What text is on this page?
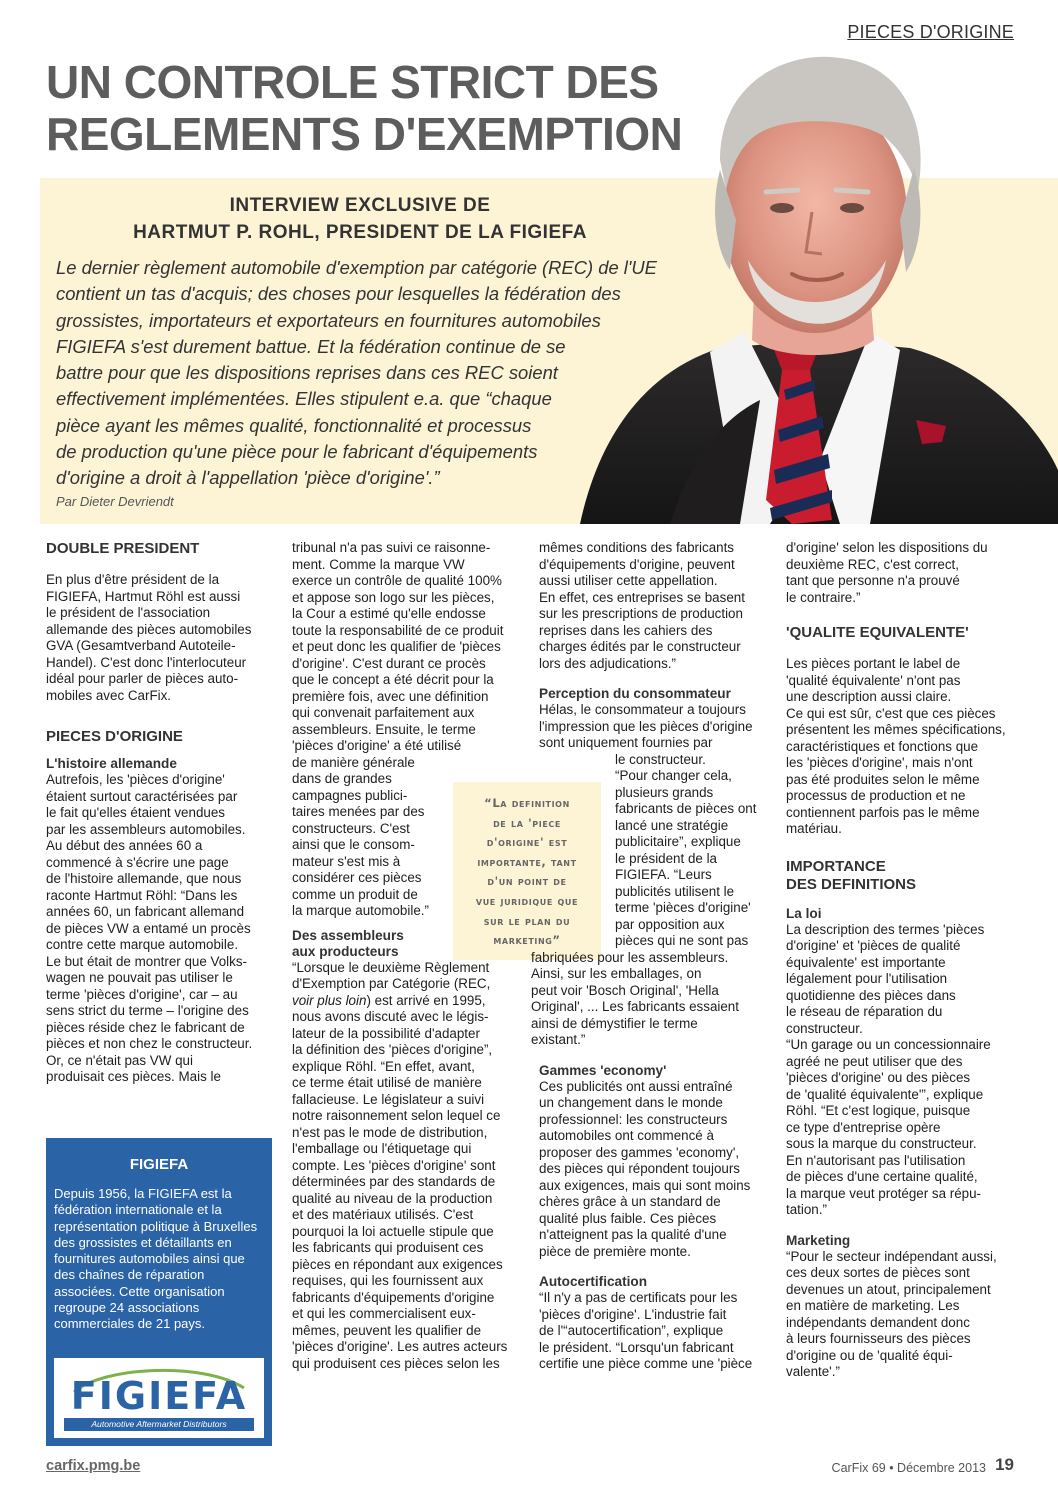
PIECES D'ORIGINE
UN CONTROLE STRICT DES
REGLEMENTS D'EXEMPTION
INTERVIEW EXCLUSIVE DE
HARTMUT P. ROHL, PRESIDENT DE LA FIGIEFA
Le dernier règlement automobile d'exemption par catégorie (REC) de l'UE
contient un tas d'acquis; des choses pour lesquelles la fédération des
grossistes, importateurs et exportateurs en fournitures automobiles
FIGIEFA s'est durement battue. Et la fédération continue de se
battre pour que les dispositions reprises dans ces REC soient
effectivement implémentées. Elles stipulent e.a. que “chaque
pièce ayant les mêmes qualité, fonctionnalité et processus
de production qu'une pièce pour le fabricant d'équipements
d'origine a droit à l'appellation 'pièce d'origine'.”
Par Dieter Devriendt
DOUBLE PRESIDENT
En plus d'être président de la
FIGIEFA, Hartmut Röhl est aussi
le président de l'association
allemande des pièces automobiles
GVA (Gesamtverband Autoteile-
Handel). C'est donc l'interlocuteur
idéal pour parler de pièces auto-
mobiles avec CarFix.
PIECES D'ORIGINE
L'histoire allemande
Autrefois, les 'pièces d'origine'
étaient surtout caractérisées par
le fait qu'elles étaient vendues
par les assembleurs automobiles.
Au début des années 60 a
commencé à s'écrire une page
de l'histoire allemande, que nous
raconte Hartmut Röhl: “Dans les
années 60, un fabricant allemand
de pièces VW a entamé un procès
contre cette marque automobile.
Le but était de montrer que Volks-
wagen ne pouvait pas utiliser le
terme 'pièces d'origine', car – au
sens strict du terme – l'origine des
pièces réside chez le fabricant de
pièces et non chez le constructeur.
Or, ce n'était pas VW qui
produisait ces pièces. Mais le
FIGIEFA
Depuis 1956, la FIGIEFA est la
fédération internationale et la
représentation politique à Bruxelles
des grossistes et détaillants en
fournitures automobiles ainsi que
des chaînes de réparation
associées. Cette organisation
regroupe 24 associations
commerciales de 21 pays.
FIGIEFA
Automotive Aftermarket Distributors
tribunal n'a pas suivi ce raisonne-
ment. Comme la marque VW
exerce un contrôle de qualité 100%
et appose son logo sur les pièces,
la Cour a estimé qu'elle endosse
toute la responsabilité de ce produit
et peut donc les qualifier de 'pièces
d'origine'. C'est durant ce procès
que le concept a été décrit pour la
première fois, avec une définition
qui convenait parfaitement aux
assembleurs. Ensuite, le terme
'pièces d'origine' a été utilisé
de manière générale
dans de grandes
campagnes publici-
taires menées par des
constructeurs. C'est
ainsi que le consom-
mateur s'est mis à
considérer ces pièces
comme un produit de
la marque automobile.”
Des assembleurs
aux producteurs
“Lorsque le deuxième Règlement
d'Exemption par Catégorie (REC,
voir plus loin) est arrivé en 1995,
nous avons discuté avec le légis-
lateur de la possibilité d'adapter
la définition des 'pièces d'origine”,
explique Röhl. “En effet, avant,
ce terme était utilisé de manière
fallacieuse. Le législateur a suivi
notre raisonnement selon lequel ce
n'est pas le mode de distribution,
l'emballage ou l'étiquetage qui
compte. Les 'pièces d'origine' sont
déterminées par des standards de
qualité au niveau de la production
et des matériaux utilisés. C'est
pourquoi la loi actuelle stipule que
les fabricants qui produisent ces
pièces en répondant aux exigences
requises, qui les fournissent aux
fabricants d'équipements d'origine
et qui les commercialisent eux-
mêmes, peuvent les qualifier de
'pièces d'origine'. Les autres acteurs
qui produisent ces pièces selon les
“La definition
de la 'piece
d'origine' est
importante, tant
d'un point de
vue juridique que
sur le plan du
marketing”
mêmes conditions des fabricants
d'équipements d'origine, peuvent
aussi utiliser cette appellation.
En effet, ces entreprises se basent
sur les prescriptions de production
reprises dans les cahiers des
charges édités par le constructeur
lors des adjudications.”
Perception du consommateur
Hélas, le consommateur a toujours
l'impression que les pièces d'origine
sont uniquement fournies par
le constructeur.
“Pour changer cela,
plusieurs grands
fabricants de pièces ont
lancé une stratégie
publicitaire”, explique
le président de la
FIGIEFA. “Leurs
publicités utilisent le
terme 'pièces d'origine'
par opposition aux
pièces qui ne sont pas
fabriquées pour les assembleurs.
Ainsi, sur les emballages, on
peut voir 'Bosch Original', 'Hella
Original', ... Les fabricants essaient
ainsi de démystifier le terme
existant.”
Gammes 'economy'
Ces publicités ont aussi entraîné
un changement dans le monde
professionnel: les constructeurs
automobiles ont commencé à
proposer des gammes 'economy',
des pièces qui répondent toujours
aux exigences, mais qui sont moins
chères grâce à un standard de
qualité plus faible. Ces pièces
n'atteignent pas la qualité d'une
pièce de première monte.
Autocertification
“Il n'y a pas de certificats pour les
'pièces d'origine'. L'industrie fait
de l'“autocertification”, explique
le président. “Lorsqu'un fabricant
certifie une pièce comme une 'pièce
d'origine' selon les dispositions du
deuxième REC, c'est correct,
tant que personne n'a prouvé
le contraire.”
'QUALITE EQUIVALENTE'
Les pièces portant le label de
'qualité équivalente' n'ont pas
une description aussi claire.
Ce qui est sûr, c'est que ces pièces
présentent les mêmes spécifications,
caractéristiques et fonctions que
les 'pièces d'origine', mais n'ont
pas été produites selon le même
processus de production et ne
contiennent parfois pas le même
matériau.
IMPORTANCE
DES DEFINITIONS
La loi
La description des termes 'pièces
d'origine' et 'pièces de qualité
équivalente' est importante
légalement pour l'utilisation
quotidienne des pièces dans
le réseau de réparation du
constructeur.
“Un garage ou un concessionnaire
agréé ne peut utiliser que des
'pièces d'origine' ou des pièces
de 'qualité équivalente'”, explique
Röhl. “Et c'est logique, puisque
ce type d'entreprise opère
sous la marque du constructeur.
En n'autorisant pas l'utilisation
de pièces d'une certaine qualité,
la marque veut protéger sa répu-
tation.”
Marketing
“Pour le secteur indépendant aussi,
ces deux sortes de pièces sont
devenues un atout, principalement
en matière de marketing. Les
indépendants demandent donc
à leurs fournisseurs des pièces
d'origine ou de 'qualité équi-
valente'.”
carfix.pmg.be	CarFix 69 • Décembre 2013 19
